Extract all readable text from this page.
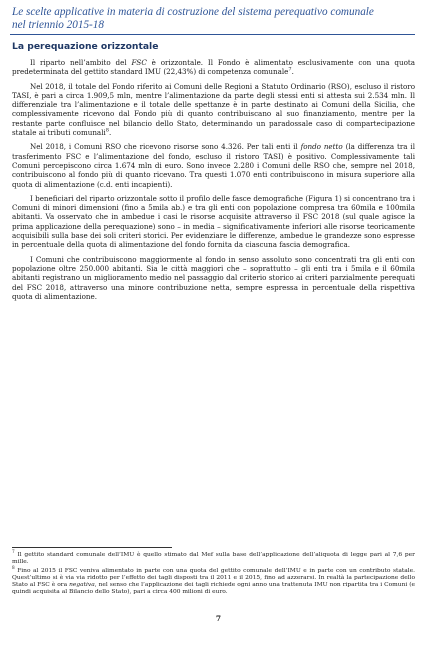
Le scelte applicative in materia di costruzione del sistema perequativo comunale
nel triennio 2015-18

La perequazione orizzontale

Il riparto nell’ambito del FSC è orizzontale. Il Fondo è alimentato esclusivamente con una quota predeterminata del gettito standard IMU (22,43%) di competenza comunale$^7$.

Nel 2018, il totale del Fondo riferito ai Comuni delle Regioni a Statuto Ordinario (RSO), escluso il ristoro TASI, è pari a circa 1.909,5 mln, mentre l’alimentazione da parte degli stessi enti si attesta sui 2.534 mln. Il differenziale tra l’alimentazione e il totale delle spettanze è in parte destinato ai Comuni della Sicilia, che complessivamente ricevono dal Fondo più di quanto contribuiscano al suo finanziamento, mentre per la restante parte confluisce nel bilancio dello Stato, determinando un paradossale caso di compartecipazione statale ai tributi comunali$^8$.

Nel 2018, i Comuni RSO che ricevono risorse sono 4.326. Per tali enti il fondo netto (la differenza tra il trasferimento FSC e l’alimentazione del fondo, escluso il ristoro TASI) è positivo. Complessivamente tali Comuni percepiscono circa 1.674 mln di euro. Sono invece 2.280 i Comuni delle RSO che, sempre nel 2018, contribuiscono al fondo più di quanto ricevano. Tra questi 1.070 enti contribuiscono in misura superiore alla quota di alimentazione (c.d. enti incapienti).

I beneficiari del riparto orizzontale sotto il profilo delle fasce demografiche (Figura 1) si concentrano tra i Comuni di minori dimensioni (fino a 5mila ab.) e tra gli enti con popolazione compresa tra 60mila e 100mila abitanti. Va osservato che in ambedue i casi le risorse acquisite attraverso il FSC 2018 (sul quale agisce la prima applicazione della perequazione) sono – in media – significativamente inferiori alle risorse teoricamente acquisibili sulla base dei soli criteri storici. Per evidenziare le differenze, ambedue le grandezze sono espresse in percentuale della quota di alimentazione del fondo fornita da ciascuna fascia demografica.

I Comuni che contribuiscono maggiormente al fondo in senso assoluto sono concentrati tra gli enti con popolazione oltre 250.000 abitanti. Sia le città maggiori che – soprattutto – gli enti tra i 5mila e il 60mila abitanti registrano un miglioramento medio nel passaggio dal criterio storico ai criteri parzialmente perequati del FSC 2018, attraverso una minore contribuzione netta, sempre espressa in percentuale della rispettiva quota di alimentazione.

$^7$ Il gettito standard comunale dell’IMU è quello stimato dal Mef sulla base dell’applicazione dell’aliquota di legge pari al 7,6 per mille.

$^8$ Fino al 2015 il FSC veniva alimentato in parte con una quota del gettito comunale dell’IMU e in parte con un contributo statale. Quest’ultimo si è via via ridotto per l’effetto dei tagli disposti tra il 2011 e il 2015, fino ad azzerarsi. In realtà la partecipazione dello Stato al FSC è ora negativa, nel senso che l’applicazione dei tagli richiede ogni anno una trattenuta IMU non ripartita tra i Comuni (e quindi acquisita al Bilancio dello Stato), pari a circa 400 milioni di euro.

7
